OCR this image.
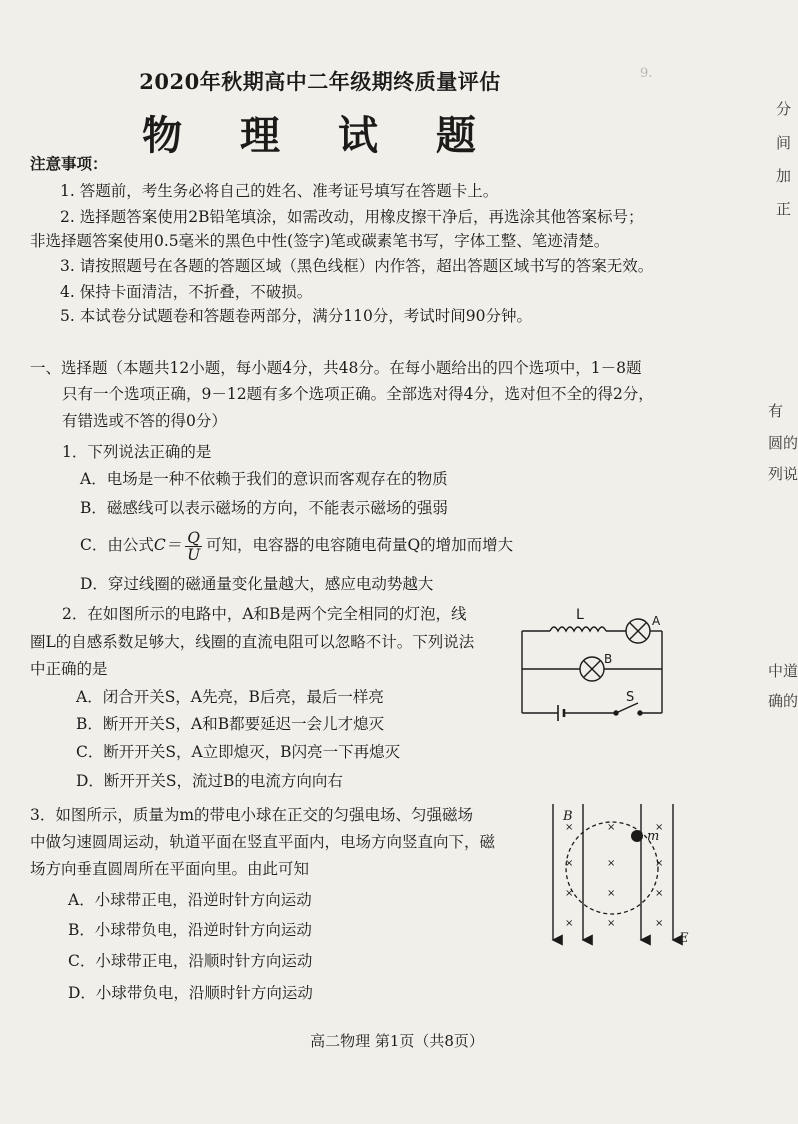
2020年秋期高中二年级期终质量评估
物 理 试 题
9.
注意事项：
1. 答题前，考生务必将自己的姓名、准考证号填写在答题卡上。
2. 选择题答案使用2B铅笔填涂，如需改动，用橡皮擦干净后，再选涂其他答案标号；
非选择题答案使用0.5毫米的黑色中性(签字)笔或碳素笔书写，字体工整、笔迹清楚。
3. 请按照题号在各题的答题区域（黑色线框）内作答，超出答题区域书写的答案无效。
4. 保持卡面清洁，不折叠，不破损。
5. 本试卷分试题卷和答题卷两部分，满分110分，考试时间90分钟。
一、选择题（本题共12小题，每小题4分，共48分。在每小题给出的四个选项中，1－8题
只有一个选项正确，9－12题有多个选项正确。全部选对得4分，选对但不全的得2分，
有错选或不答的得0分）
1．下列说法正确的是
A．电场是一种不依赖于我们的意识而客观存在的物质
B．磁感线可以表示磁场的方向，不能表示磁场的强弱
C．由公式$C= \frac{Q}{U}$ 可知，电容器的电容随电荷量Q的增加而增大
D．穿过线圈的磁通量变化量越大，感应电动势越大
2．在如图所示的电路中，A和B是两个完全相同的灯泡，线
圈L的自感系数足够大，线圈的直流电阻可以忽略不计。下列说法
中正确的是
A．闭合开关S，A先亮，B后亮，最后一样亮
B．断开开关S，A和B都要延迟一会儿才熄灭
C．断开开关S，A立即熄灭，B闪亮一下再熄灭
D．断开开关S，流过B的电流方向向右
L	A
B
S
3．如图所示，质量为m的带电小球在正交的匀强电场、匀强磁场
中做匀速圆周运动，轨道平面在竖直平面内，电场方向竖直向下，磁
场方向垂直圆周所在平面向里。由此可知
A．小球带正电，沿逆时针方向运动
B．小球带负电，沿逆时针方向运动
C．小球带正电，沿顺时针方向运动
D．小球带负电，沿顺时针方向运动
×	×	×
×	×	×
×	×	×
×	×	×
B
E
m
分
间
加
正
有
圆的
列说
中道
确的
高二物理 第1页（共8页）
